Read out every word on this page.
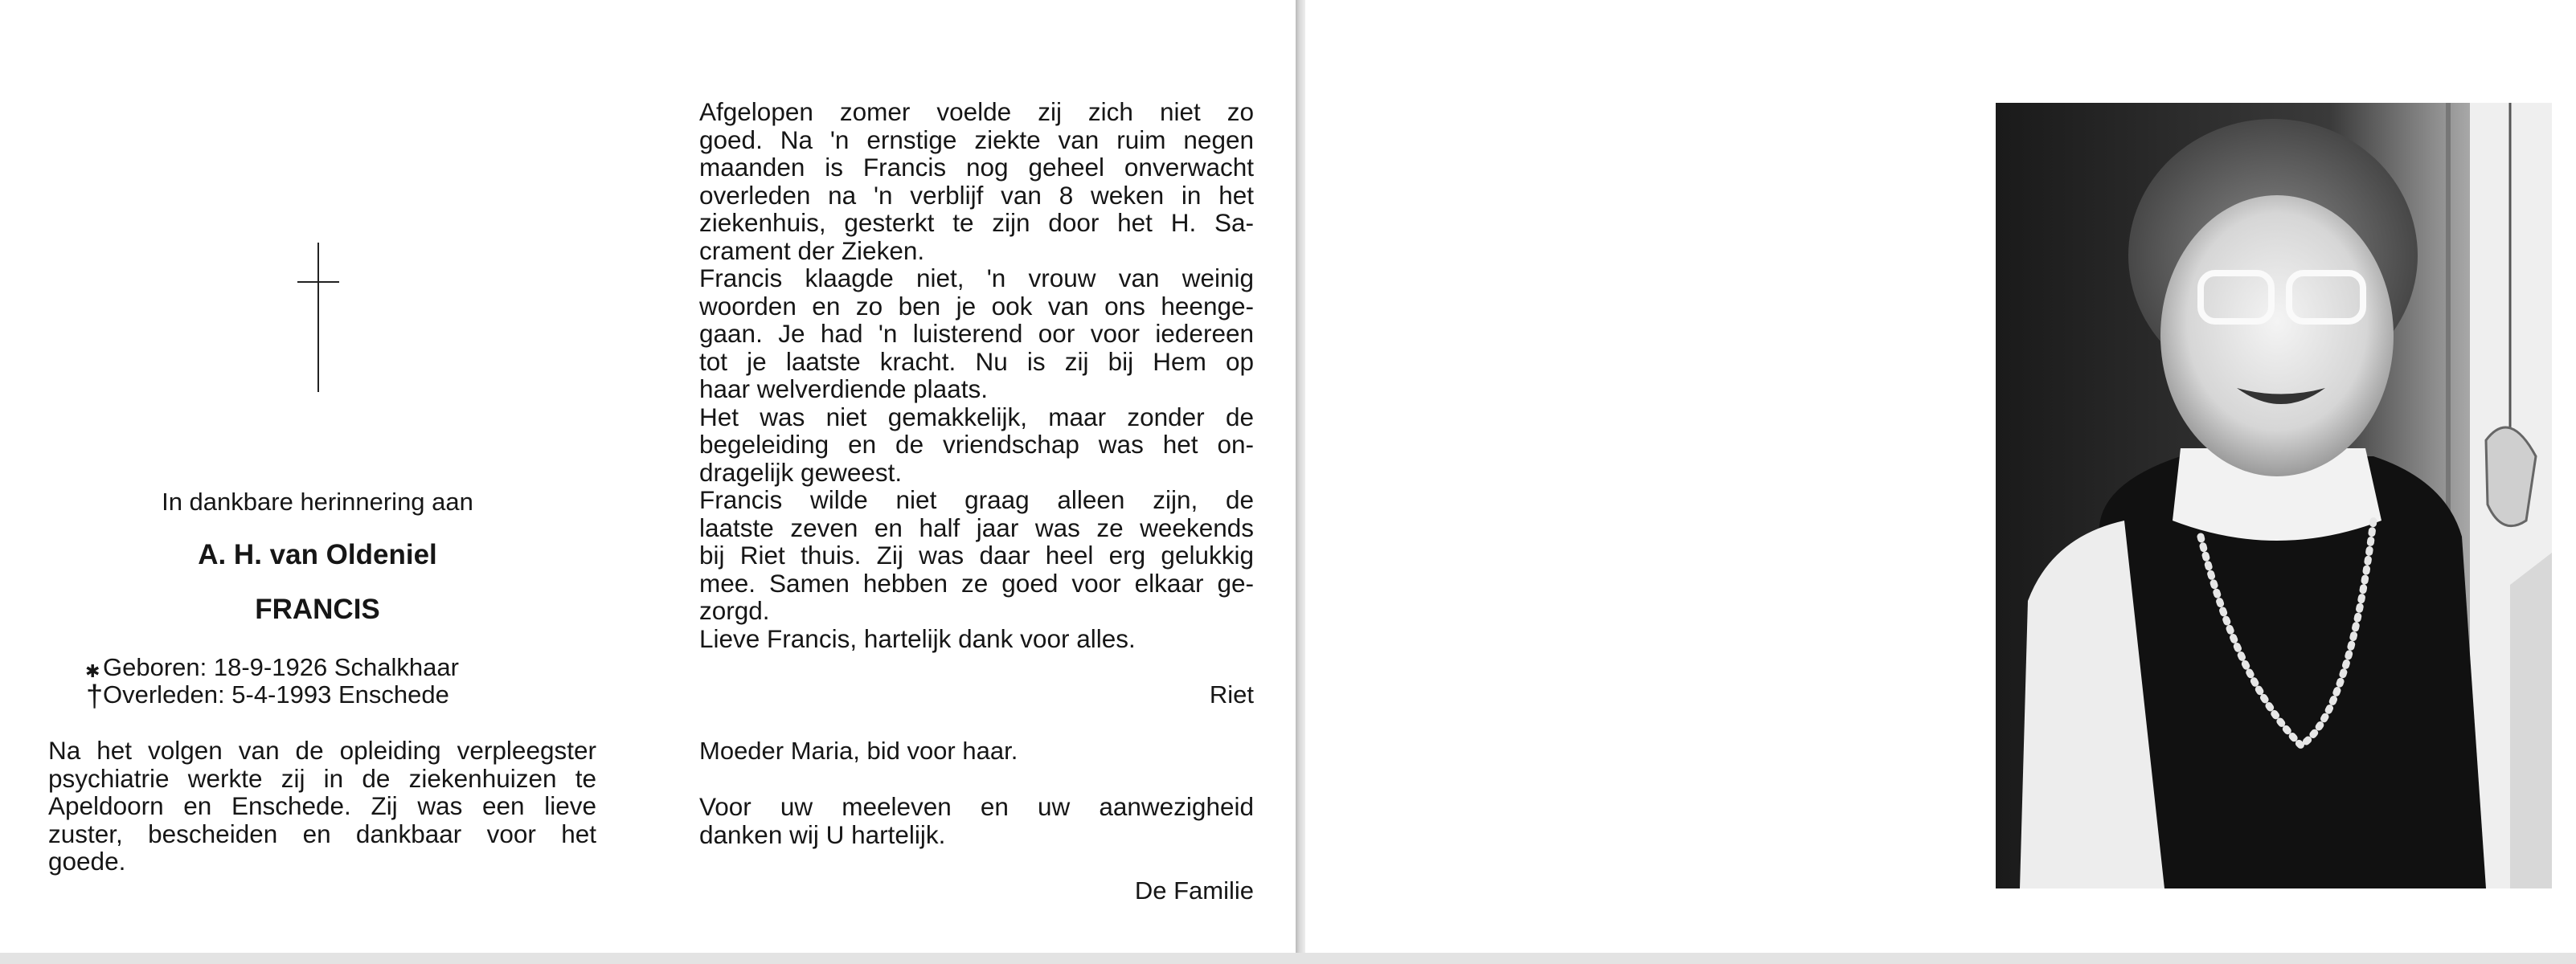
In dankbare herinnering aan
A. H. van Oldeniel
FRANCIS
✱ Geboren: 18-9-1926 Schalkhaar
† Overleden: 5-4-1993 Enschede
Na het volgen van de opleiding verpleegster
psychiatrie werkte zij in de ziekenhuizen te
Apeldoorn en Enschede. Zij was een lieve
zuster, bescheiden en dankbaar voor het
goede.
Afgelopen zomer voelde zij zich niet zo
goed. Na 'n ernstige ziekte van ruim negen
maanden is Francis nog geheel onverwacht
overleden na 'n verblijf van 8 weken in het
ziekenhuis, gesterkt te zijn door het H. Sa-
crament der Zieken.
Francis klaagde niet, 'n vrouw van weinig
woorden en zo ben je ook van ons heenge-
gaan. Je had 'n luisterend oor voor iedereen
tot je laatste kracht. Nu is zij bij Hem op
haar welverdiende plaats.
Het was niet gemakkelijk, maar zonder de
begeleiding en de vriendschap was het on-
dragelijk geweest.
Francis wilde niet graag alleen zijn, de
laatste zeven en half jaar was ze weekends
bij Riet thuis. Zij was daar heel erg gelukkig
mee. Samen hebben ze goed voor elkaar ge-
zorgd.
Lieve Francis, hartelijk dank voor alles.
Riet
Moeder Maria, bid voor haar.
Voor uw meeleven en uw aanwezigheid
danken wij U hartelijk.
De Familie
